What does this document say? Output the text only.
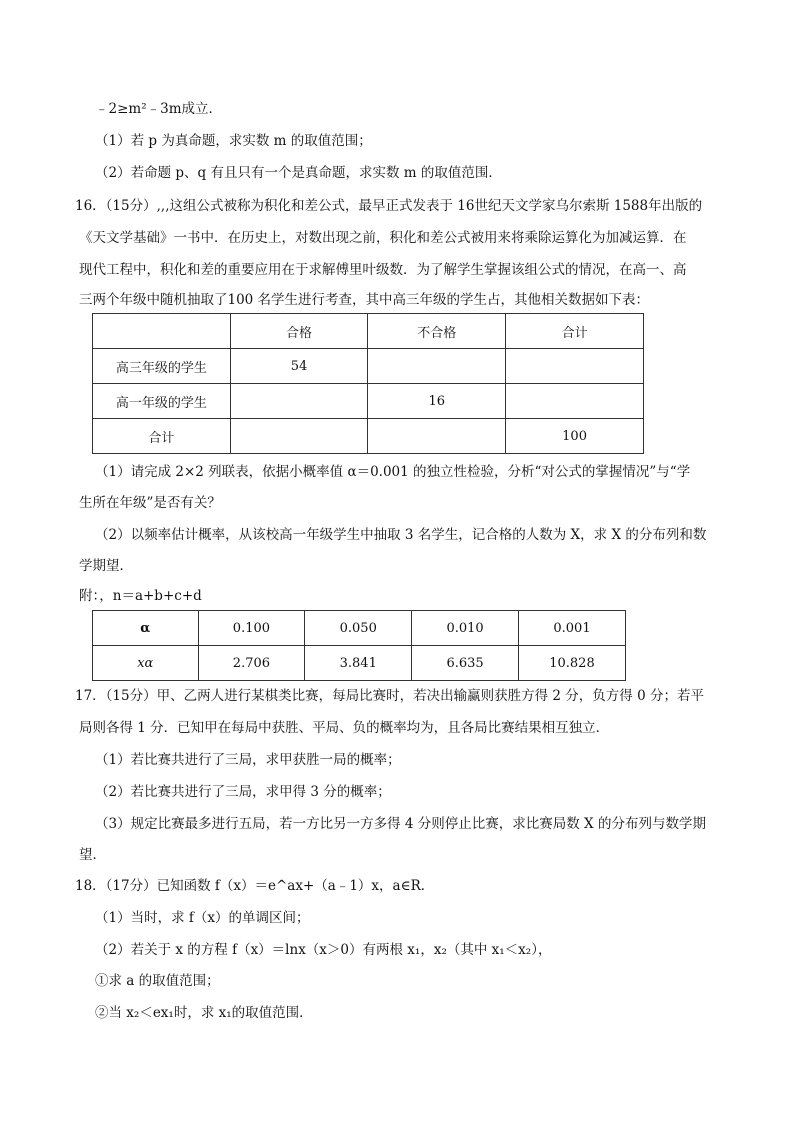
﹣2≥m²﹣3m成立．
（1）若 p 为真命题，求实数 m 的取值范围；
（2）若命题 p、q 有且只有一个是真命题，求实数 m 的取值范围．
16．（15分）,,,这组公式被称为积化和差公式，最早正式发表于 16世纪天文学家乌尔索斯 1588年出版的
《天文学基础》一书中．在历史上，对数出现之前，积化和差公式被用来将乘除运算化为加减运算．在
现代工程中，积化和差的重要应用在于求解傅里叶级数．为了解学生掌握该组公式的情况，在高一、高
三两个年级中随机抽取了100 名学生进行考查，其中高三年级的学生占，其他相关数据如下表：
	合格	不合格	合计
高三年级的学生	54		
高一年级的学生		16	
合计			100
（1）请完成 2×2 列联表，依据小概率值 α＝0.001 的独立性检验，分析“对公式的掌握情况”与“学
生所在年级”是否有关？
（2）以频率估计概率，从该校高一年级学生中抽取 3 名学生，记合格的人数为 X，求 X 的分布列和数
学期望．
附：，n＝a+b+c+d
α	0.100	0.050	0.010	0.001
xα	2.706	3.841	6.635	10.828
17．（15分）甲、乙两人进行某棋类比赛，每局比赛时，若决出输赢则获胜方得 2 分，负方得 0 分；若平
局则各得 1 分．已知甲在每局中获胜、平局、负的概率均为，且各局比赛结果相互独立．
（1）若比赛共进行了三局，求甲获胜一局的概率；
（2）若比赛共进行了三局，求甲得 3 分的概率；
（3）规定比赛最多进行五局，若一方比另一方多得 4 分则停止比赛，求比赛局数 X 的分布列与数学期
望．
18．（17分）已知函数 f（x）＝e^ax+（a﹣1）x，a∈R．
（1）当时，求 f（x）的单调区间；
（2）若关于 x 的方程 f（x）＝lnx（x＞0）有两根 x₁，x₂（其中 x₁＜x₂），
①求 a 的取值范围；
②当 x₂＜ex₁时，求 x₁的取值范围．
